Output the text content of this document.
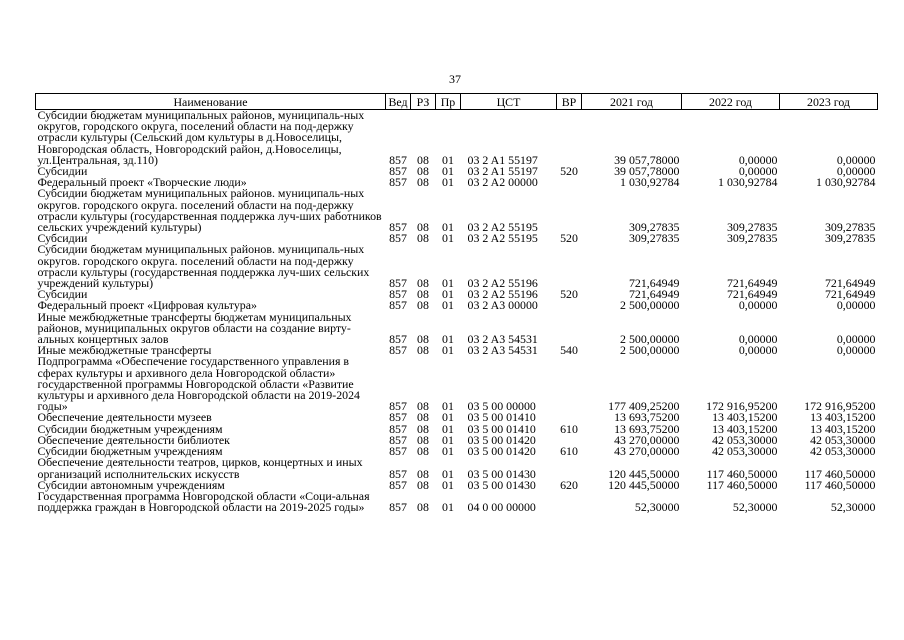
37
Наименование	Вед	РЗ	Пр	ЦСТ	ВР	2021 год	2022 год	2023 год
Субсидии бюджетам муниципальных районов, муниципаль-ных округов, городского округа, поселений области на под-держку отрасли культуры (Сельский дом культуры в д.Новоселицы, Новгородская область, Новгородский район, д.Новоселицы, ул.Центральная, зд.110)	857	08	01	03 2 A1 55197		39 057,78000	0,00000	0,00000
Субсидии	857	08	01	03 2 A1 55197	520	39 057,78000	0,00000	0,00000
Федеральный проект «Творческие люди»	857	08	01	03 2 A2 00000		1 030,92784	1 030,92784	1 030,92784
Субсидии бюджетам муниципальных районов. муниципаль-ных округов. городского округа. поселений области на под-держку отрасли культуры (государственная поддержка луч-ших работников сельских учреждений культуры)	857	08	01	03 2 A2 55195		309,27835	309,27835	309,27835
Субсидии	857	08	01	03 2 A2 55195	520	309,27835	309,27835	309,27835
Субсидии бюджетам муниципальных районов. муниципаль-ных округов. городского округа. поселений области на под-держку отрасли культуры (государственная поддержка луч-ших сельских учреждений культуры)	857	08	01	03 2 A2 55196		721,64949	721,64949	721,64949
Субсидии	857	08	01	03 2 A2 55196	520	721,64949	721,64949	721,64949
Федеральный проект «Цифровая культура»	857	08	01	03 2 A3 00000		2 500,00000	0,00000	0,00000
Иные межбюджетные трансферты бюджетам муниципальных районов, муниципальных округов области на создание вирту-альных концертных залов	857	08	01	03 2 A3 54531		2 500,00000	0,00000	0,00000
Иные межбюджетные трансферты	857	08	01	03 2 A3 54531	540	2 500,00000	0,00000	0,00000
Подпрограмма «Обеспечение государственного управления в сферах культуры и архивного дела Новгородской области» государственной программы Новгородской области «Развитие культуры и архивного дела Новгородской области на 2019-2024 годы»	857	08	01	03 5 00 00000		177 409,25200	172 916,95200	172 916,95200
Обеспечение деятельности музеев	857	08	01	03 5 00 01410		13 693,75200	13 403,15200	13 403,15200
Субсидии бюджетным учреждениям	857	08	01	03 5 00 01410	610	13 693,75200	13 403,15200	13 403,15200
Обеспечение деятельности библиотек	857	08	01	03 5 00 01420		43 270,00000	42 053,30000	42 053,30000
Субсидии бюджетным учреждениям	857	08	01	03 5 00 01420	610	43 270,00000	42 053,30000	42 053,30000
Обеспечение деятельности театров, цирков, концертных и иных организаций исполнительских искусств	857	08	01	03 5 00 01430		120 445,50000	117 460,50000	117 460,50000
Субсидии автономным учреждениям	857	08	01	03 5 00 01430	620	120 445,50000	117 460,50000	117 460,50000
Государственная программа Новгородской области «Соци-альная поддержка граждан в Новгородской области на 2019-2025 годы»	857	08	01	04 0 00 00000		52,30000	52,30000	52,30000
